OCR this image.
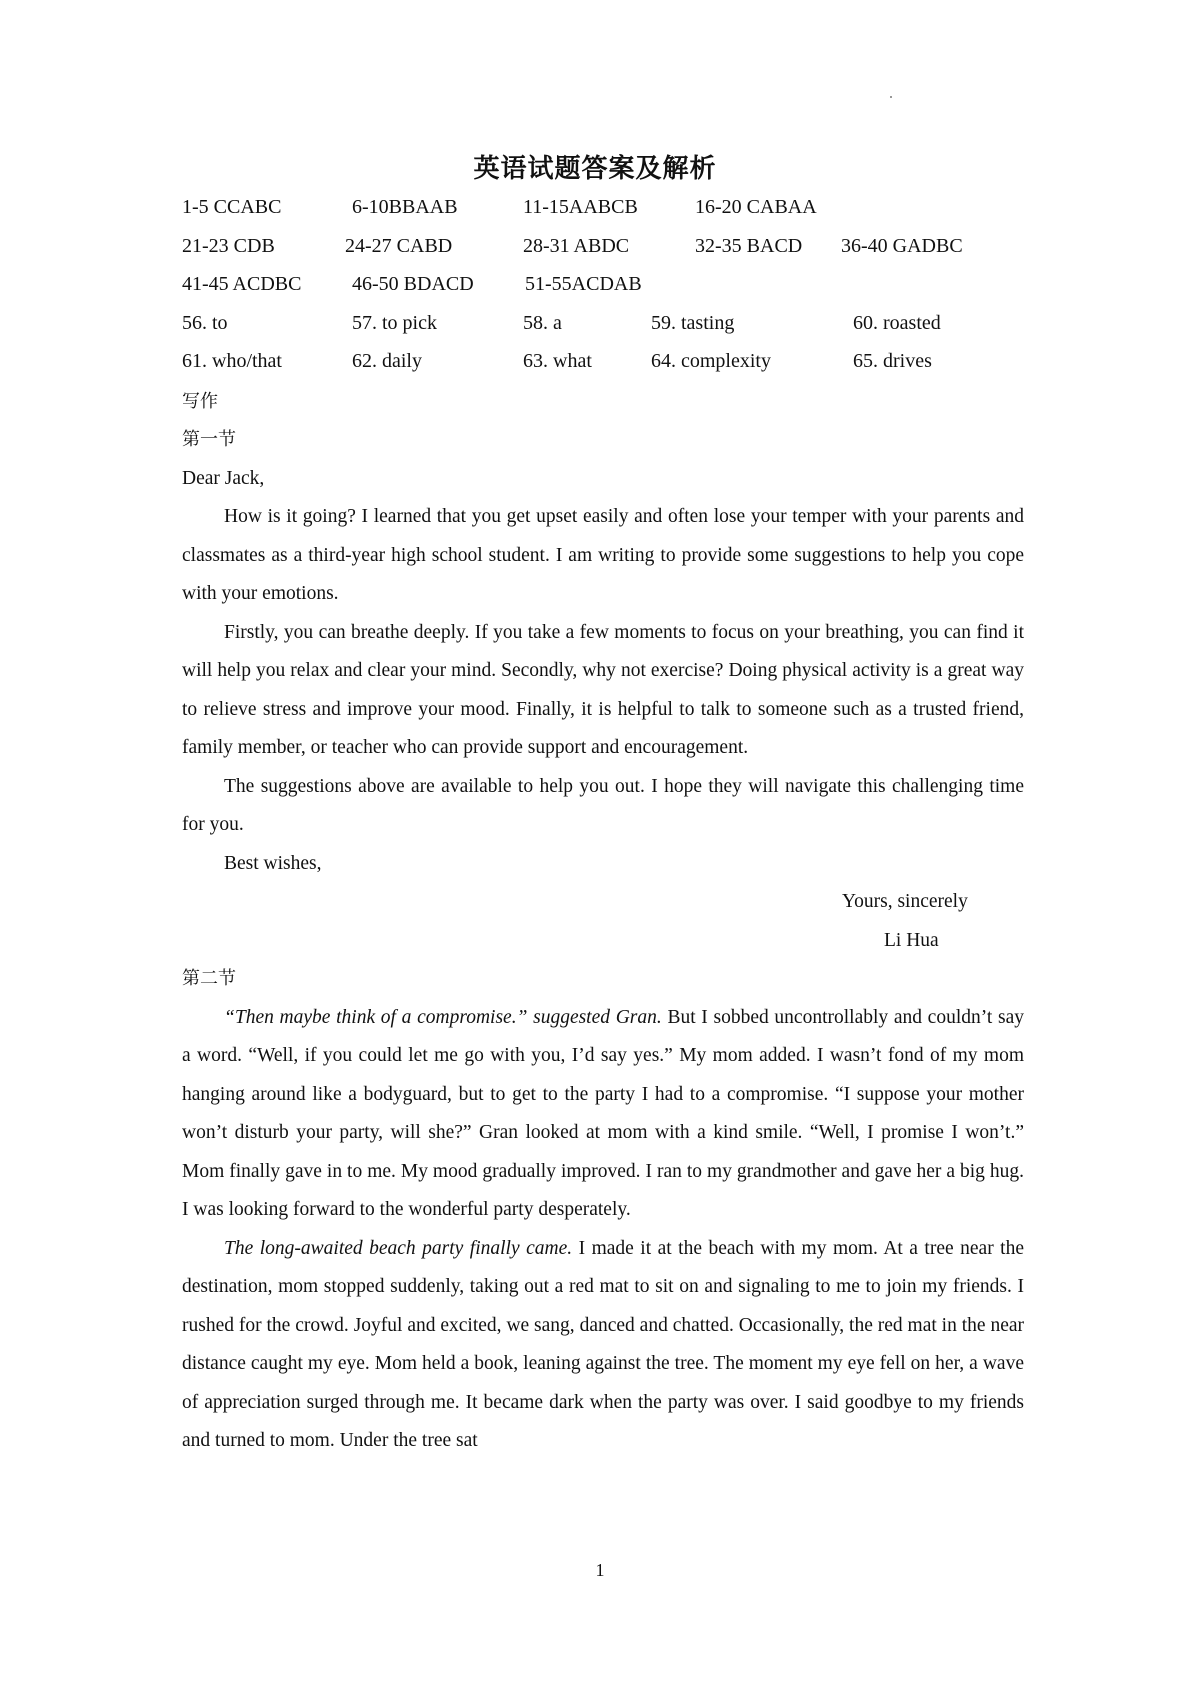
英语试题答案及解析
1-5 CCABC	6-10BBAAB	11-15AABCB	16-20 CABAA
21-23 CDB	24-27 CABD	28-31 ABDC	32-35 BACD 36-40 GADBC
41-45 ACDBC	46-50 BDACD	51-55ACDAB
56. to	57. to pick	58. a	59. tasting	60. roasted
61. who/that	62. daily	63. what	64. complexity	65. drives
写作
第一节
Dear Jack,

How is it going? I learned that you get upset easily and often lose your temper with your parents and classmates as a third-year high school student. I am writing to provide some suggestions to help you cope with your emotions.

Firstly, you can breathe deeply. If you take a few moments to focus on your breathing, you can find it will help you relax and clear your mind. Secondly, why not exercise? Doing physical activity is a great way to relieve stress and improve your mood. Finally, it is helpful to talk to someone such as a trusted friend, family member, or teacher who can provide support and encouragement.

The suggestions above are available to help you out. I hope they will navigate this challenging time for you.

Best wishes,
Yours, sincerely
Li Hua
第二节

“Then maybe think of a compromise.” suggested Gran. But I sobbed uncontrollably and couldn’t say a word. “Well, if you could let me go with you, I’d say yes.” My mom added. I wasn’t fond of my mom hanging around like a bodyguard, but to get to the party I had to a compromise. “I suppose your mother won’t disturb your party, will she?” Gran looked at mom with a kind smile. “Well, I promise I won’t.” Mom finally gave in to me. My mood gradually improved. I ran to my grandmother and gave her a big hug. I was looking forward to the wonderful party desperately.

The long-awaited beach party finally came. I made it at the beach with my mom. At a tree near the destination, mom stopped suddenly, taking out a red mat to sit on and signaling to me to join my friends. I rushed for the crowd. Joyful and excited, we sang, danced and chatted. Occasionally, the red mat in the near distance caught my eye. Mom held a book, leaning against the tree. The moment my eye fell on her, a wave of appreciation surged through me. It became dark when the party was over. I said goodbye to my friends and turned to mom. Under the tree sat

1
